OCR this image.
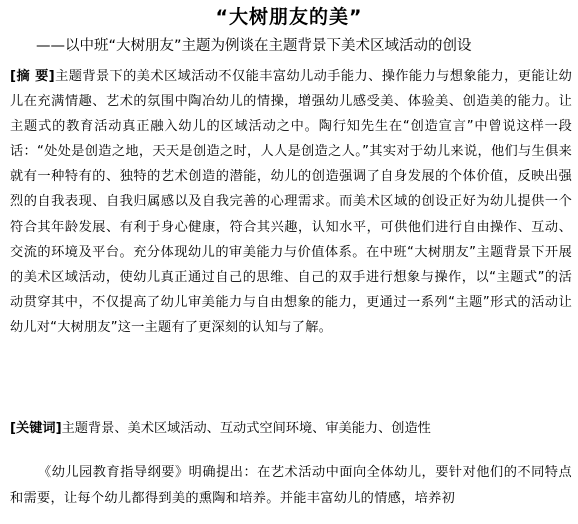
“大树朋友的美”
——以中班“大树朋友”主题为例谈在主题背景下美术区域活动的创设
[摘 要]主题背景下的美术区域活动不仅能丰富幼儿动手能力、操作能力与想象能力，更能让幼儿在充满情趣、艺术的氛围中陶冶幼儿的情操，增强幼儿感受美、体验美、创造美的能力。让主题式的教育活动真正融入幼儿的区域活动之中。陶行知先生在“创造宣言”中曾说这样一段话：“处处是创造之地，天天是创造之时，人人是创造之人。”其实对于幼儿来说，他们与生俱来就有一种特有的、独特的艺术创造的潜能，幼儿的创造强调了自身发展的个体价值，反映出强烈的自我表现、自我归属感以及自我完善的心理需求。而美术区域的创设正好为幼儿提供一个符合其年龄发展、有利于身心健康，符合其兴趣，认知水平，可供他们进行自由操作、互动、交流的环境及平台。充分体现幼儿的审美能力与价值体系。在中班“大树朋友”主题背景下开展的美术区域活动，使幼儿真正通过自己的思维、自己的双手进行想象与操作，以“主题式”的活动贯穿其中，不仅提高了幼儿审美能力与自由想象的能力，更通过一系列“主题”形式的活动让幼儿对“大树朋友”这一主题有了更深刻的认知与了解。
[关键词]主题背景、美术区域活动、互动式空间环境、审美能力、创造性
《幼儿园教育指导纲要》明确提出：在艺术活动中面向全体幼儿，要针对他们的不同特点和需要，让每个幼儿都得到美的熏陶和培养。并能丰富幼儿的情感，培养初
